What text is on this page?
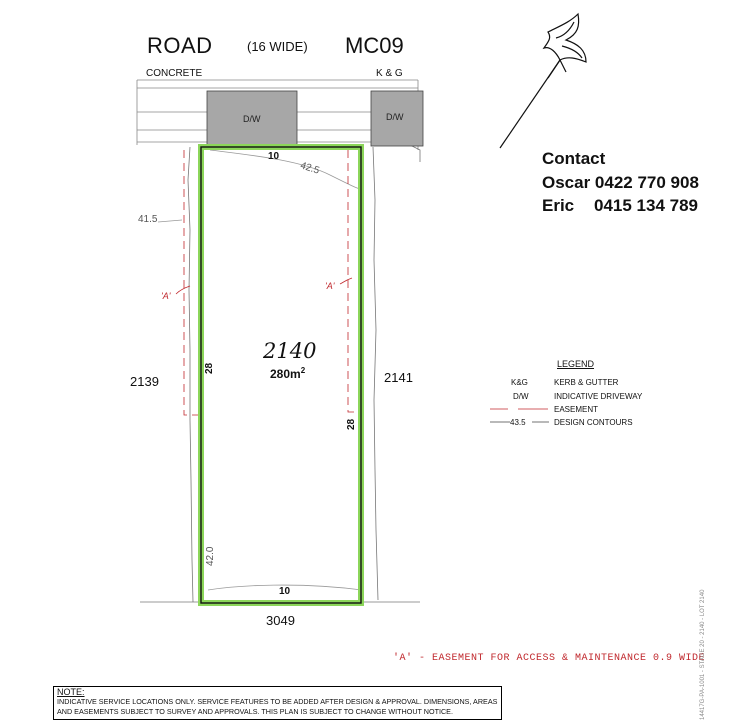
ROAD	(16 WIDE) MC09
CONCRETE	K & G
D/W	D/W
Contact
Oscar 0422 770 908
Eric 0415 134 789
2140
$280m^2$
10
10
28
28
2139	2141
3049
42.5
41.5
42.0
'A'
'A'
LEGEND
K&G	KERB & GUTTER
D/W	INDICATIVE DRIVEWAY
EASEMENT
43.5	DESIGN CONTOURS
'A' - EASEMENT FOR ACCESS & MAINTENANCE 0.9 WIDE
NOTE:
INDICATIVE SERVICE LOCATIONS ONLY. SERVICE FEATURES TO BE ADDED AFTER DESIGN & APPROVAL. DIMENSIONS, AREAS AND EASEMENTS SUBJECT TO SURVEY AND APPROVALS. THIS PLAN IS SUBJECT TO CHANGE WITHOUT NOTICE.	14417G-PA-1001 - STAGE 20 - 2140 - LOT 2140
